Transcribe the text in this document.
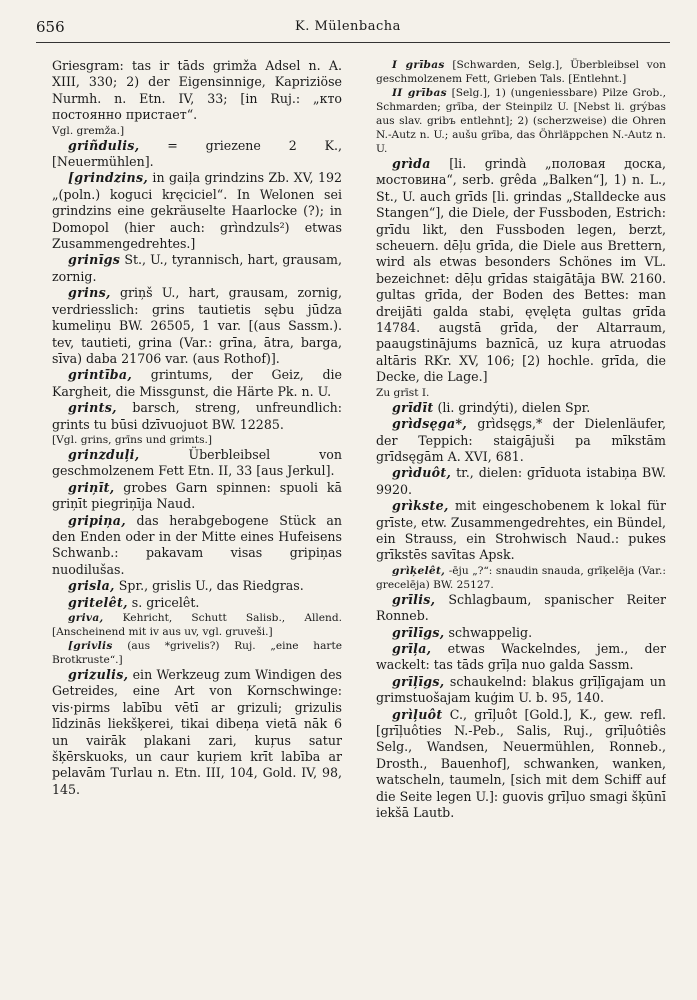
656	K. Mülenbacha

Griesgram: tas ir tāds grimža Adsel n. A. XIII, 330; 2) der Eigensinnige, Kapriziöse Nurmh. n. Etn. IV, 33; [in Ruj.: „кто постоянно пристает“.

Vgl. gremža.]

griñdulis, = griezene 2 K., [Neuermühlen].

[grindzins, in gaiļa grindzins Zb. XV, 192 „(poln.) koguci kręciciel“. In Welonen sei grindzins eine gekräuselte Haarlocke (?); in Domopol (hier auch: grìndzuls²) etwas Zusammengedrehtes.]

grinīgs St., U., tyrannisch, hart, grausam, zornig.

grins, griņš U., hart, grausam, zornig, verdriesslich: grins tautietis sębu jūdza kumeliņu BW. 26505, 1 var. [(aus Sassm.). tev, tautieti, grina (Var.: grīna, ātra, barga, sīva) daba 21706 var. (aus Rothof)].

grintība, grintums, der Geiz, die Kargheit, die Missgunst, die Härte Pk. n. U.

grints, barsch, streng, unfreundlich: grints tu būsi dzīvuojuot BW. 12285.

[Vgl. grins, grīns und grimts.]

grinzduļi, Überbleibsel von geschmolzenem Fett Etn. II, 33 [aus Jerkul].

griņīt, grobes Garn spinnen: spuoli kā griņīt piegriņīja Naud.

gripiņa, das herabgebogene Stück an den Enden oder in der Mitte eines Hufeisens Schwanb.: pakavam visas gripiņas nuodilušas.

grisla, Spr., grislis U., das Riedgras.

gritelêt, s. gricelêt.

griva, Kehricht, Schutt Salisb., Allend. [Anscheinend mit iv aus uv, vgl. gruveši.]

[grivlis (aus *grivelis?) Ruj. „eine harte Brotkruste“.]

grizulis, ein Werkzeug zum Windigen des Getreides, eine Art von Kornschwinge: vis·pirms labību vētī ar grizuli; grizulis līdzinās liekšķerei, tikai dibeņa vietā nāk 6 un vairāk plakani zari, kuŗus satur šķērskuoks, un caur kuŗiem krīt labība ar pelavām Turlau n. Etn. III, 104, Gold. IV, 98, 145.

I grības [Schwarden, Selg.], Überbleibsel von geschmolzenem Fett, Grieben Tals. [Entlehnt.]

II grības [Selg.], 1) (ungeniessbare) Pilze Grob., Schmarden; grība, der Steinpilz U. [Nebst li. grýbas aus slav. gribъ entlehnt]; 2) (scherzweise) die Ohren N.-Autz n. U.; aušu grība, das Öhrläppchen N.-Autz n. U.

grìda [li. grindà „половая доска, мостовина“, serb. grêda „Balken“], 1) n. L., St., U. auch grīds [li. grindas „Stalldecke aus Stangen“], die Diele, der Fussboden, Estrich: grīdu likt, den Fussboden legen, berzt, scheuern. dēļu grīda, die Diele aus Brettern, wird als etwas besonders Schönes im VL. bezeichnet: dēļu grīdas staigātāja BW. 2160. gultas grīda, der Boden des Bettes: man dreijāti galda stabi, ęvęlęta gultas grīda 14784. augstā grīda, der Altarraum, paaugstinājums baznīcā, uz kuŗa atruodas altāris RKr. XV, 106; [2) hochle. grīda, die Decke, die Lage.]

Zu grīst I.

grīdīt (li. grindýti), dielen Spr.

grìdsęga*, grìdsęgs,* der Dielenläufer, der Teppich: staigājuši pa mīkstām grīdsęgām A. XVI, 681.

grìduôt, tr., dielen: grīduota istabiņa BW. 9920.

grìkste, mit eingeschobenem k lokal für grīste, etw. Zusammengedrehtes, ein Bündel, ein Strauss, ein Strohwisch Naud.: pukes grīkstēs savītas Apsk.

grìķelêt, -ēju „?“: snaudin snauda, grīķelēja (Var.: grecelēja) BW. 25127.

grīlis, Schlagbaum, spanischer Reiter Ronneb.

grīlīgs, schwappelig.

grīļa, etwas Wackelndes, jem., der wackelt: tas tāds grīļa nuo galda Sassm.

grīļīgs, schaukelnd: blakus grīļīgajam un grimstuošajam kuģim U. b. 95, 140.

grìļuôt C., grīļuôt [Gold.], K., gew. refl. [grīļuôties N.-Peb., Salis, Ruj., grīļuôtiês Selg., Wandsen, Neuermühlen, Ronneb., Drosth., Bauenhof], schwanken, wanken, watscheln, taumeln, [sich mit dem Schiff auf die Seite legen U.]: guovis grīļuo smagi šķūnī iekšā Lautb.
